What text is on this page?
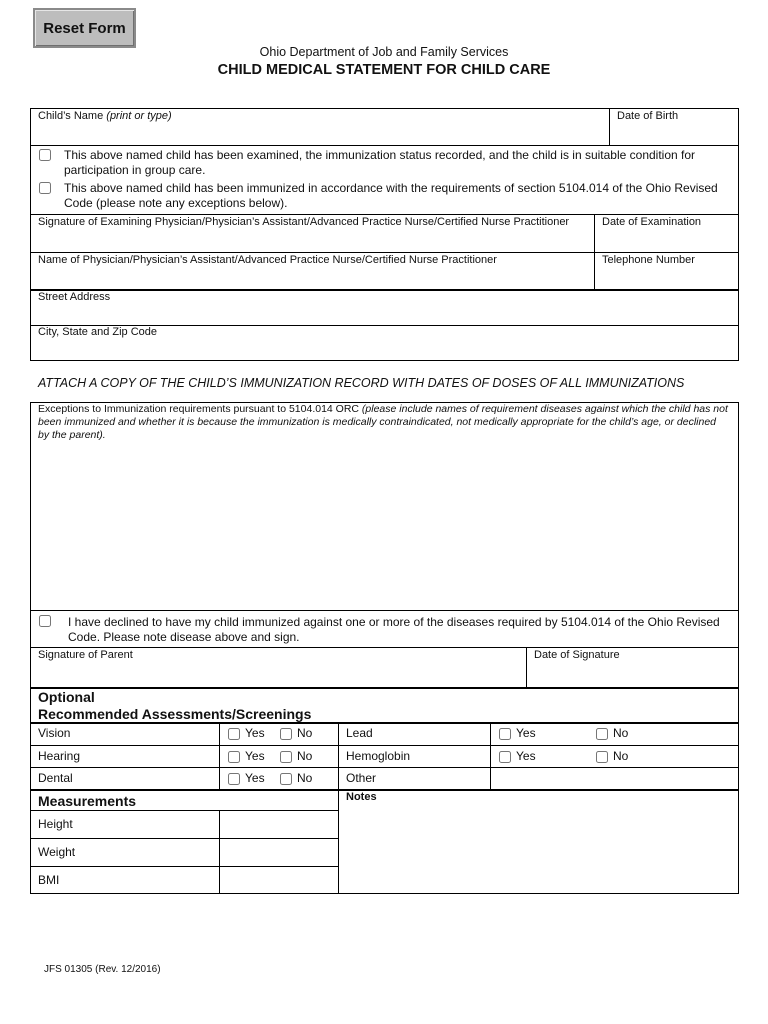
Reset Form
Ohio Department of Job and Family Services
CHILD MEDICAL STATEMENT FOR CHILD CARE
Child’s Name (print or type)	Date of Birth
This above named child has been examined, the immunization status recorded, and the child is in suitable condition for participation in group care.
This above named child has been immunized in accordance with the requirements of section 5104.014 of the Ohio Revised Code (please note any exceptions below).
Signature of Examining Physician/Physician’s Assistant/Advanced Practice Nurse/Certified Nurse Practitioner	Date of Examination
Name of Physician/Physician’s Assistant/Advanced Practice Nurse/Certified Nurse Practitioner	Telephone Number
Street Address
City, State and Zip Code
ATTACH A COPY OF THE CHILD’S IMMUNIZATION RECORD WITH DATES OF DOSES OF ALL IMMUNIZATIONS
Exceptions to Immunization requirements pursuant to 5104.014 ORC (please include names of requirement diseases against which the child has not been immunized and whether it is because the immunization is medically contraindicated, not medically appropriate for the child’s age, or declined by the parent).
I have declined to have my child immunized against one or more of the diseases required by 5104.014 of the Ohio Revised Code. Please note disease above and sign.
Signature of Parent	Date of Signature
Optional
Recommended Assessments/Screenings
Vision	Yes	No	Lead	Yes	No
Hearing	Yes	No	Hemoglobin	Yes	No
Dental	Yes	No	Other
Measurements	Notes
Height
Weight
BMI
JFS 01305 (Rev. 12/2016)
